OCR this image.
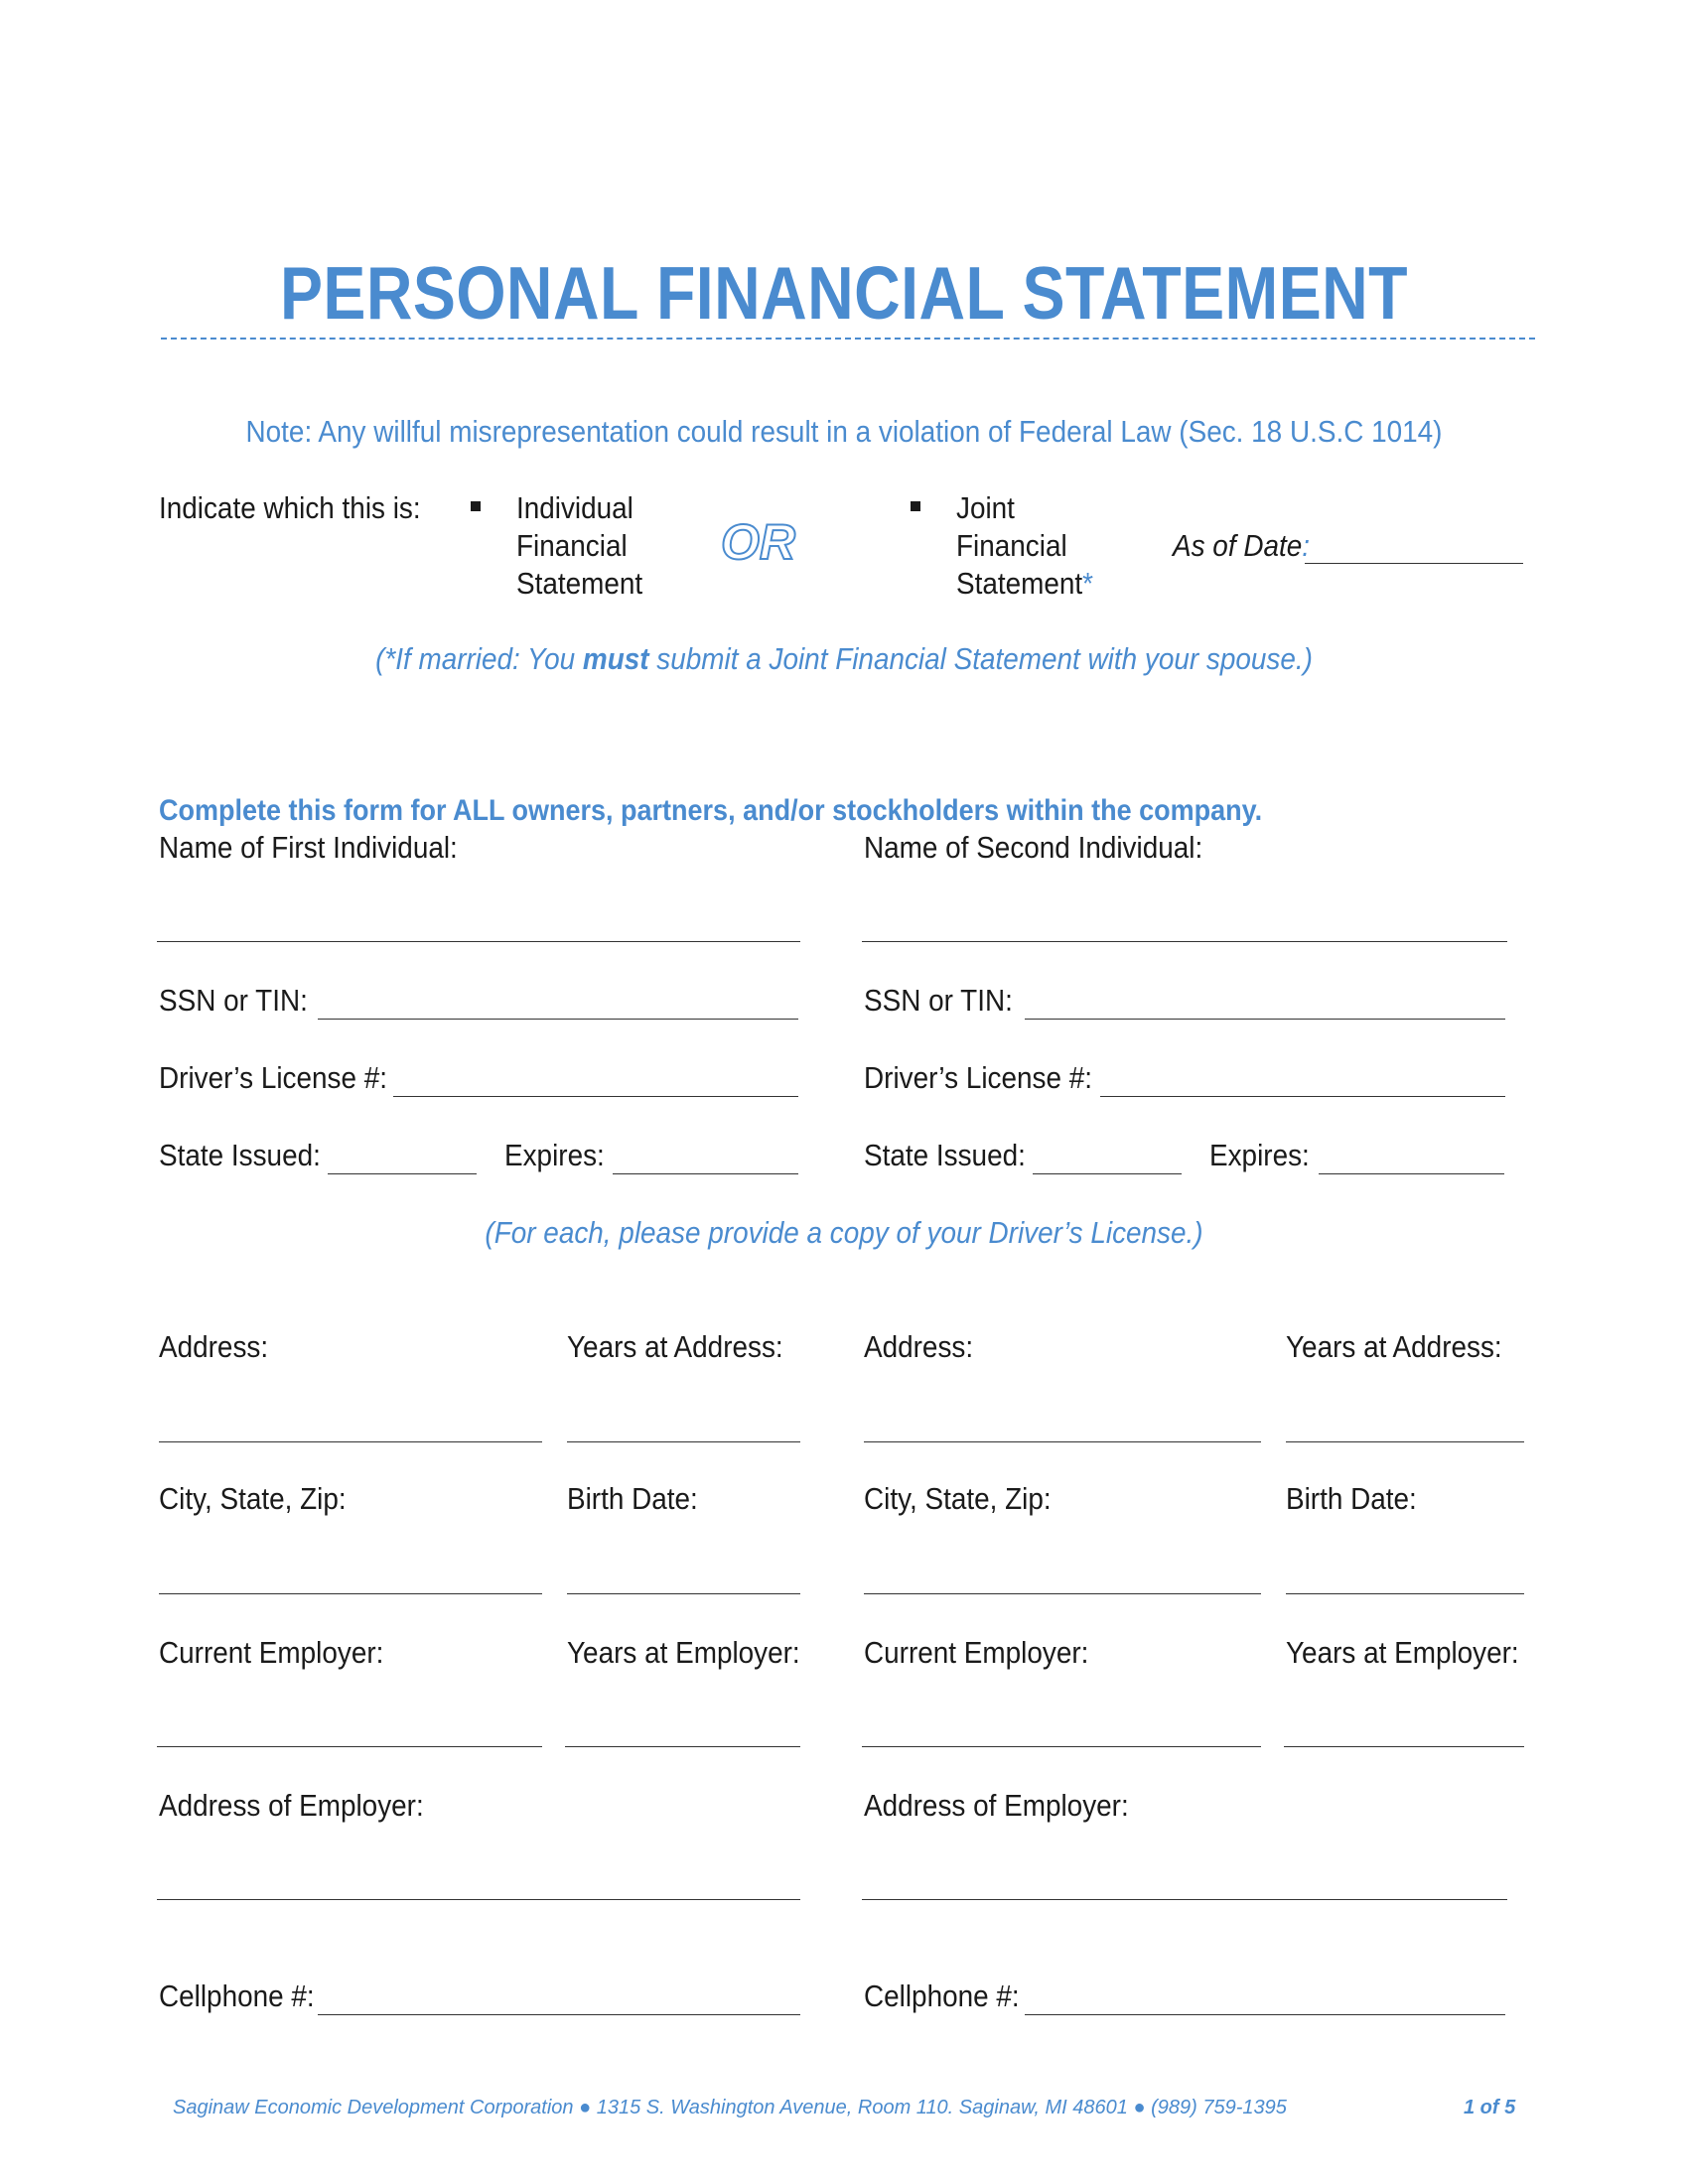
PERSONAL FINANCIAL STATEMENT
Note: Any willful misrepresentation could result in a violation of Federal Law (Sec. 18 U.S.C 1014)
Indicate which this is:	Individual
Financial
Statement
OR
Joint
Financial
Statement*
As of Date:
(*If married: You must submit a Joint Financial Statement with your spouse.)
Complete this form for ALL owners, partners, and/or stockholders within the company.
Name of First Individual:
SSN or TIN:
Driver’s License #:
State Issued:	Expires:
Name of Second Individual:
SSN or TIN:
Driver’s License #:
State Issued:	Expires:
(For each, please provide a copy of your Driver’s License.)
Address:	Years at Address:
City, State, Zip:	Birth Date:
Current Employer:	Years at Employer:
Address of Employer:
Cellphone #:
Address:	Years at Address:
City, State, Zip:	Birth Date:
Current Employer:	Years at Employer:
Address of Employer:
Cellphone #:
Saginaw Economic Development Corporation ● 1315 S. Washington Avenue, Room 110. Saginaw, MI 48601 ● (989) 759-1395	1 of 5
